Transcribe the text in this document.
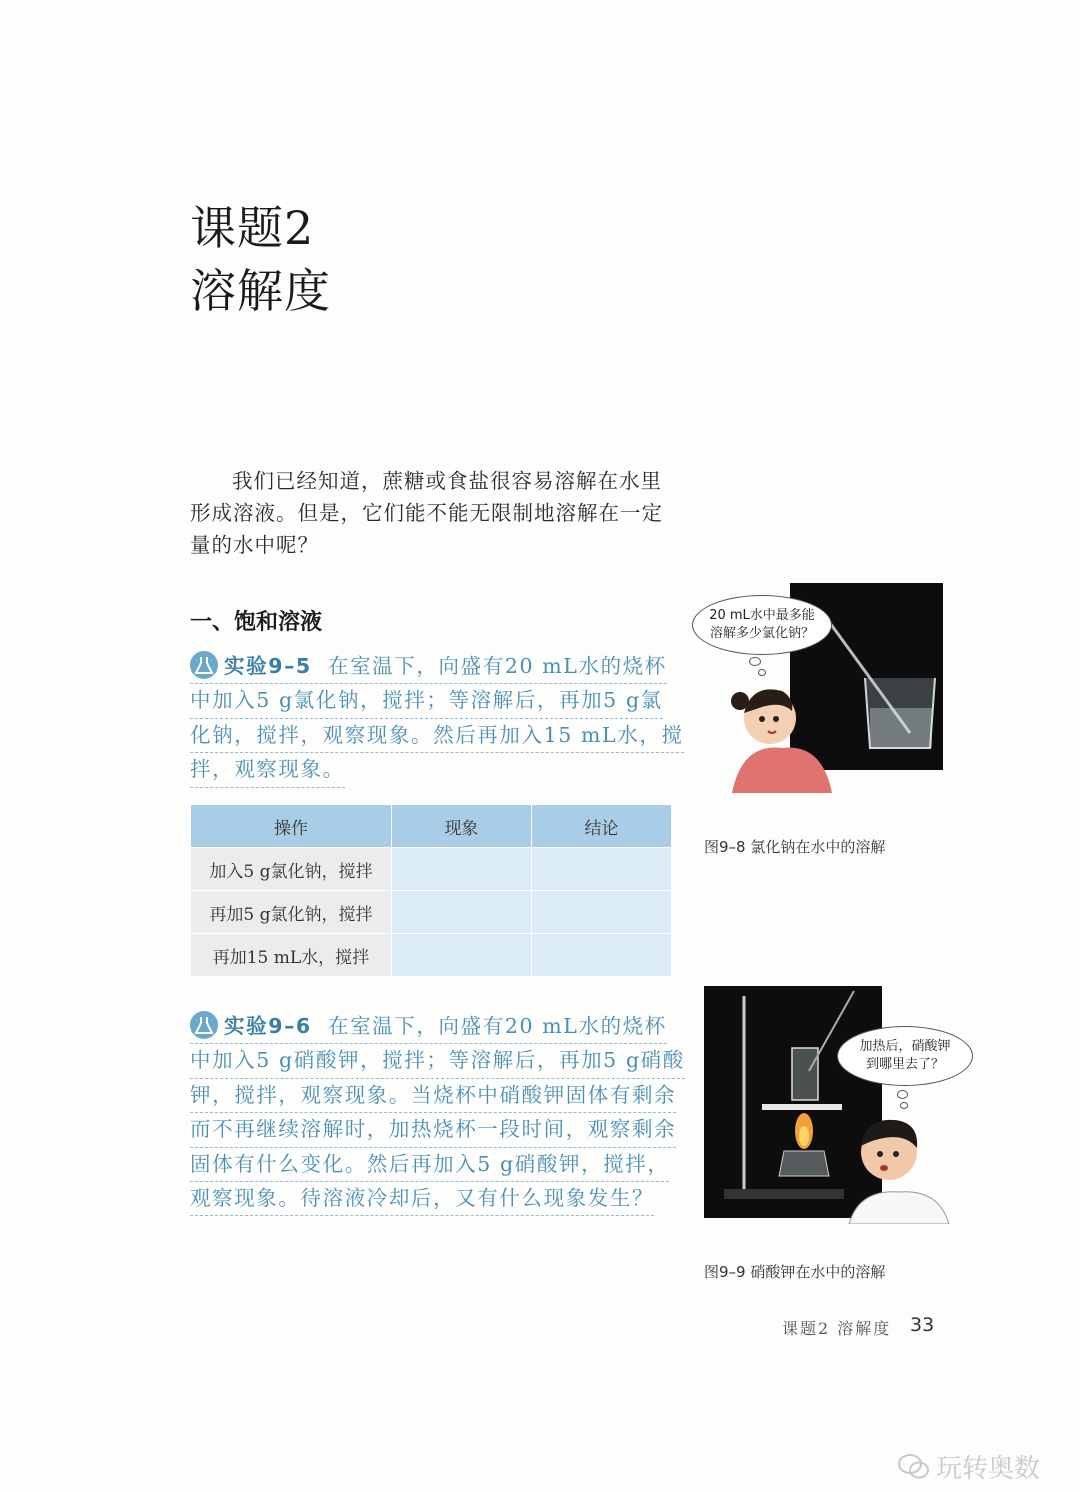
课题2
溶解度
我们已经知道，蔗糖或食盐很容易溶解在水里
形成溶液。但是，它们能不能无限制地溶解在一定
量的水中呢？
一、饱和溶液
实验9–5 在室温下，向盛有20 mL水的烧杯
中加入5 g氯化钠，搅拌；等溶解后，再加5 g氯
化钠，搅拌，观察现象。然后再加入15 mL水，搅
拌，观察现象。
操作	现象	结论
加入5 g氯化钠，搅拌		
再加5 g氯化钠，搅拌		
再加15 mL水，搅拌		
实验9–6 在室温下，向盛有20 mL水的烧杯
中加入5 g硝酸钾，搅拌；等溶解后，再加5 g硝酸
钾，搅拌，观察现象。当烧杯中硝酸钾固体有剩余
而不再继续溶解时，加热烧杯一段时间，观察剩余
固体有什么变化。然后再加入5 g硝酸钾，搅拌，
观察现象。待溶液冷却后，又有什么现象发生？
20 mL水中最多能
溶解多少氯化钠？
图9–8 氯化钠在水中的溶解
加热后，硝酸钾
到哪里去了？
图9–9 硝酸钾在水中的溶解
课题2 溶解度 33
玩转奥数
